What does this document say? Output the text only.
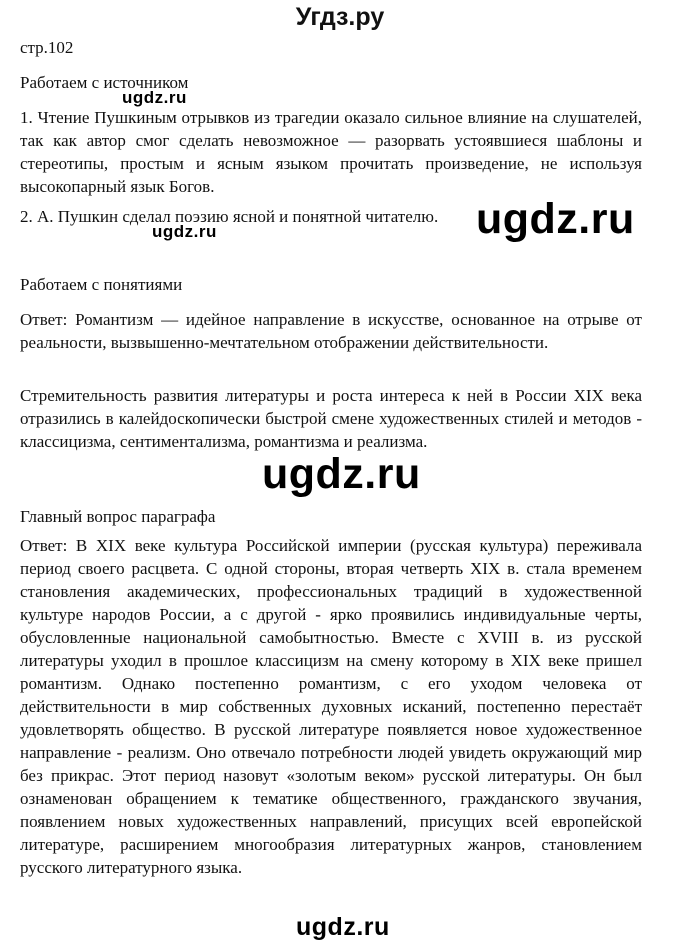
Угдз.ру

стр.102

Работаем с источником

ugdz.ru

1. Чтение Пушкиным отрывков из трагедии оказало сильное влияние на слушателей, так как автор смог сделать невозможное — разорвать устоявшиеся шаблоны и стереотипы, простым и ясным языком прочитать произведение, не используя высокопарный язык Богов.

2. А. Пушкин сделал поэзию ясной и понятной читателю. ugdz.ru
ugdz.ru

Работаем с понятиями

Ответ: Романтизм — идейное направление в искусстве, основанное на отрыве от реальности, вызвышенно-мечтательном отображении действительности.

Стремительность развития литературы и роста интереса к ней в России XIX века отразились в калейдоскопически быстрой смене художественных стилей и методов - классицизма, сентиментализма, романтизма и реализма.

ugdz.ru

Главный вопрос параграфа

Ответ: В XIX веке культура Российской империи (русская культура) переживала период своего расцвета. С одной стороны, вторая четверть XIX в. стала временем становления академических, профессиональных традиций в художественной культуре народов России, а с другой - ярко проявились индивидуальные черты, обусловленные национальной самобытностью. Вместе с XVIII в. из русской литературы уходил в прошлое классицизм на смену которому в XIX веке пришел романтизм. Однако постепенно романтизм, с его уходом человека от действительности в мир собственных духовных исканий, постепенно перестаёт удовлетворять общество. В русской литературе появляется новое художественное направление - реализм. Оно отвечало потребности людей увидеть окружающий мир без прикрас. Этот период назовут «золотым веком» русской литературы. Он был ознаменован обращением к тематике общественного, гражданского звучания, появлением новых художественных направлений, присущих всей европейской литературе, расширением многообразия литературных жанров, становлением русского литературного языка.

ugdz.ru
